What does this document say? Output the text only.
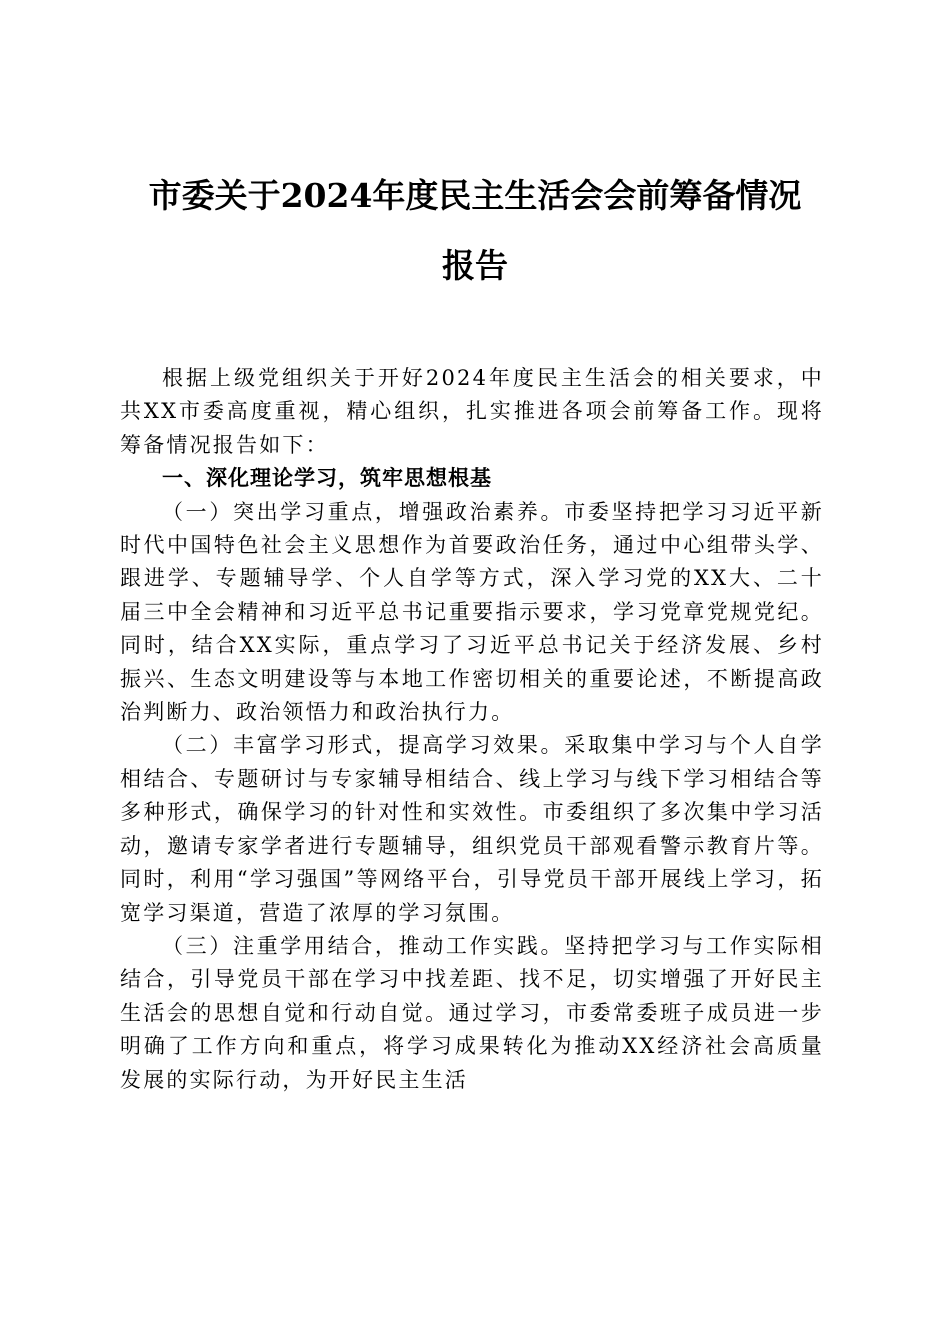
市委关于2024年度民主生活会会前筹备情况
报告

根据上级党组织关于开好2024年度民主生活会的相关要求，中共XX市委高度重视，精心组织，扎实推进各项会前筹备工作。现将筹备情况报告如下：

一、深化理论学习，筑牢思想根基

（一）突出学习重点，增强政治素养。市委坚持把学习习近平新时代中国特色社会主义思想作为首要政治任务，通过中心组带头学、跟进学、专题辅导学、个人自学等方式，深入学习党的XX大、二十届三中全会精神和习近平总书记重要指示要求，学习党章党规党纪。同时，结合XX实际，重点学习了习近平总书记关于经济发展、乡村振兴、生态文明建设等与本地工作密切相关的重要论述，不断提高政治判断力、政治领悟力和政治执行力。

（二）丰富学习形式，提高学习效果。采取集中学习与个人自学相结合、专题研讨与专家辅导相结合、线上学习与线下学习相结合等多种形式，确保学习的针对性和实效性。市委组织了多次集中学习活动，邀请专家学者进行专题辅导，组织党员干部观看警示教育片等。同时，利用“学习强国”等网络平台，引导党员干部开展线上学习，拓宽学习渠道，营造了浓厚的学习氛围。

（三）注重学用结合，推动工作实践。坚持把学习与工作实际相结合，引导党员干部在学习中找差距、找不足，切实增强了开好民主生活会的思想自觉和行动自觉。通过学习，市委常委班子成员进一步明确了工作方向和重点，将学习成果转化为推动XX经济社会高质量发展的实际行动，为开好民主生活
